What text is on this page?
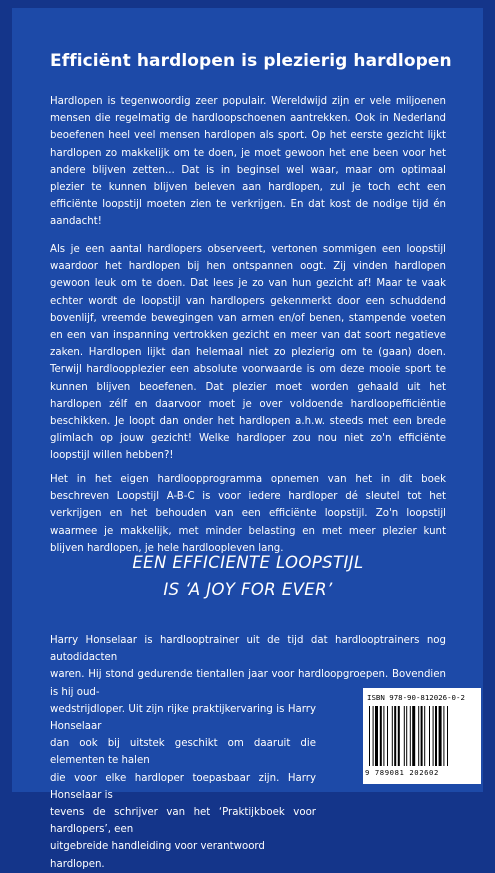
Efficiënt hardlopen is plezierig hardlopen

Hardlopen is tegenwoordig zeer populair. Wereldwijd zijn er vele miljoenen mensen die regelmatig de hardloopschoenen aantrekken. Ook in Nederland beoefenen heel veel mensen hardlopen als sport. Op het eerste gezicht lijkt hardlopen zo makkelijk om te doen, je moet gewoon het ene been voor het andere blijven zetten... Dat is in beginsel wel waar, maar om optimaal plezier te kunnen blijven beleven aan hardlopen, zul je toch echt een efficiënte loopstijl moeten zien te verkrijgen. En dat kost de nodige tijd én aandacht!

Als je een aantal hardlopers observeert, vertonen sommigen een loopstijl waardoor het hardlopen bij hen ontspannen oogt. Zij vinden hardlopen gewoon leuk om te doen. Dat lees je zo van hun gezicht af! Maar te vaak echter wordt de loopstijl van hardlopers gekenmerkt door een schuddend bovenlijf, vreemde bewegingen van armen en/of benen, stampende voeten en een van inspanning vertrokken gezicht en meer van dat soort negatieve zaken. Hardlopen lijkt dan helemaal niet zo plezierig om te (gaan) doen. Terwijl hardloopplezier een absolute voorwaarde is om deze mooie sport te kunnen blijven beoefenen. Dat plezier moet worden gehaald uit het hardlopen zélf en daarvoor moet je over voldoende hardloopefficiëntie beschikken. Je loopt dan onder het hardlopen a.h.w. steeds met een brede glimlach op jouw gezicht! Welke hardloper zou nou niet zo'n efficiënte loopstijl willen hebben?!

Het in het eigen hardloopprogramma opnemen van het in dit boek beschreven Loopstijl A-B-C is voor iedere hardloper dé sleutel tot het verkrijgen en het behouden van een efficiënte loopstijl. Zo'n loopstijl waarmee je makkelijk, met minder belasting en met meer plezier kunt blijven hardlopen, je hele hardloopleven lang.

EEN EFFICIENTE LOOPSTIJL
IS ‘A JOY FOR EVER’
Harry Honselaar is hardlooptrainer uit de tijd dat hardlooptrainers nog autodidacten
waren. Hij stond gedurende tientallen jaar voor hardloopgroepen. Bovendien is hij oud-
wedstrijdloper. Uit zijn rijke praktijkervaring is Harry Honselaar
dan ook bij uitstek geschikt om daaruit die elementen te halen
die voor elke hardloper toepasbaar zijn. Harry Honselaar is
tevens de schrijver van het ‘Praktijkboek voor hardlopers’, een
uitgebreide handleiding voor verantwoord hardlopen.
ISBN 978-90-812026-0-2
9 789081 202602
